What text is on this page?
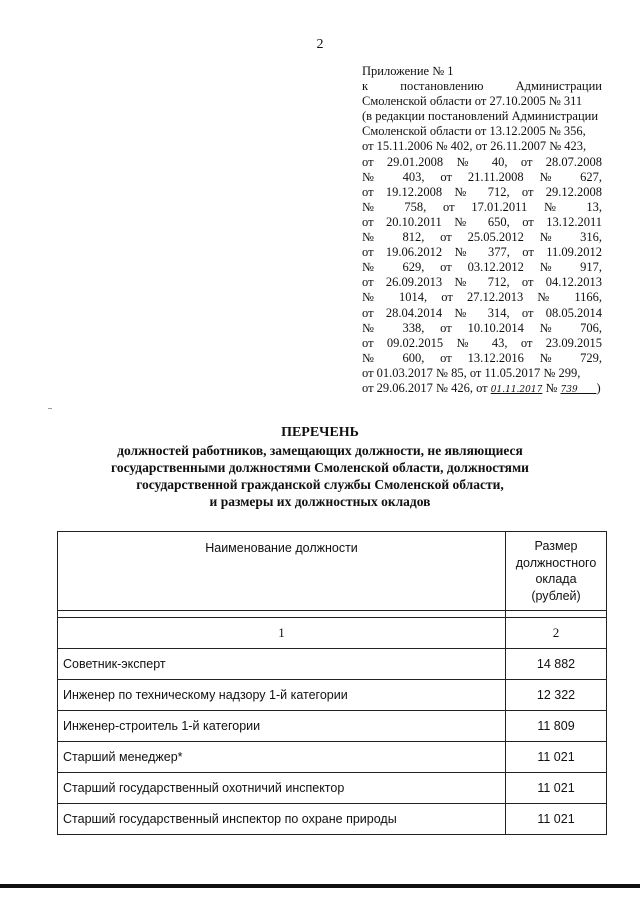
2
Приложение № 1
к постановлению Администрации
Смоленской области от 27.10.2005 № 311
(в редакции постановлений Администрации
Смоленской области от 13.12.2005 № 356,
от 15.11.2006 № 402, от 26.11.2007 № 423,
от 29.01.2008 № 40, от 28.07.2008
№ 403, от 21.11.2008 № 627,
от 19.12.2008 № 712, от 29.12.2008
№ 758, от 17.01.2011 № 13,
от 20.10.2011 № 650, от 13.12.2011
№ 812, от 25.05.2012 № 316,
от 19.06.2012 № 377, от 11.09.2012
№ 629, от 03.12.2012 № 917,
от 26.09.2013 № 712, от 04.12.2013
№ 1014, от 27.12.2013 № 1166,
от 28.04.2014 № 314, от 08.05.2014
№ 338, от 10.10.2014 № 706,
от 09.02.2015 № 43, от 23.09.2015
№ 600, от 13.12.2016 № 729,
от 01.03.2017 № 85, от 11.05.2017 № 299,
от 29.06.2017 № 426, от 01.11.2017 № 739 )
ПЕРЕЧЕНЬ
должностей работников, замещающих должности, не являющиеся
государственными должностями Смоленской области, должностями
государственной гражданской службы Смоленской области,
и размеры их должностных окладов
Наименование должности	Размер
должностного
оклада
(рублей)

1	2
Советник-эксперт	14 882
Инженер по техническому надзору 1-й категории	12 322
Инженер-строитель 1-й категории	11 809
Старший менеджер*	11 021
Старший государственный охотничий инспектор	11 021
Старший государственный инспектор по охране природы	11 021
